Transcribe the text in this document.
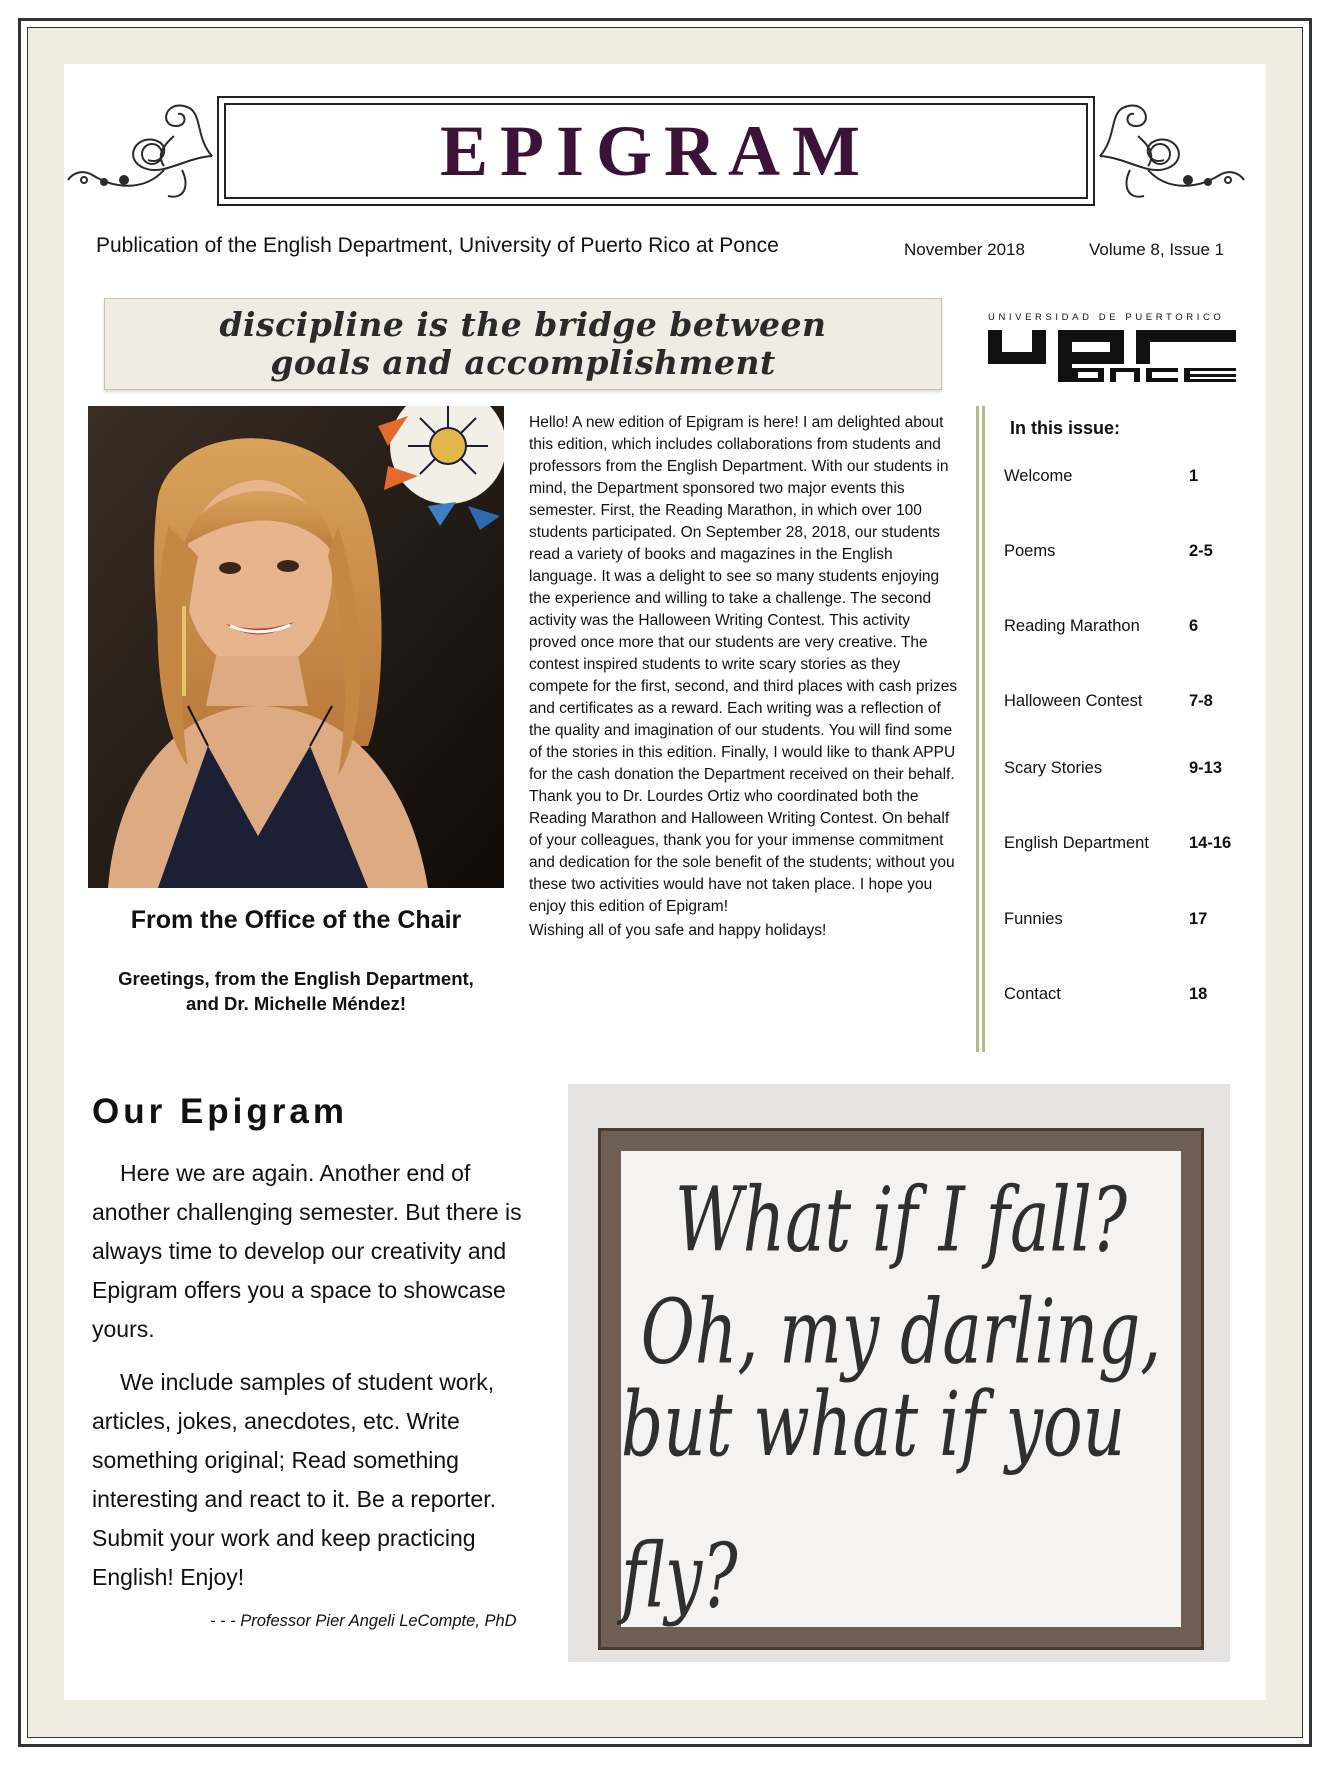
EPIGRAM
Publication of the English Department, University of Puerto Rico at Ponce	November 2018	Volume 8, Issue 1
discipline is the bridge between
goals and accomplishment
UNIVERSIDAD DE PUERTORICO
From the Office of the Chair
Greetings, from the English Department,
and Dr. Michelle Méndez!
Hello! A new edition of Epigram is here! I am delighted about this edition, which includes collaborations from students and professors from the English Department. With our students in mind, the Department sponsored two major events this semester. First, the Reading Marathon, in which over 100 students participated. On September 28, 2018, our students read a variety of books and magazines in the English language. It was a delight to see so many students enjoying the experience and willing to take a challenge. The second activity was the Halloween Writing Contest. This activity proved once more that our students are very creative. The contest inspired students to write scary stories as they compete for the first, second, and third places with cash prizes and certificates as a reward. Each writing was a reflection of the quality and imagination of our students. You will find some of the stories in this edition. Finally, I would like to thank APPU for the cash donation the Department received on their behalf. Thank you to Dr. Lourdes Ortiz who coordinated both the Reading Marathon and Halloween Writing Contest. On behalf of your colleagues, thank you for your immense commitment and dedication for the sole benefit of the students; without you these two activities would have not taken place. I hope you enjoy this edition of Epigram!
Wishing all of you safe and happy holidays!
In this issue:
Welcome	1
Poems	2-5
Reading Marathon	6
Halloween Contest	7-8
Scary Stories	9-13
English Department 14-16
Funnies	17
Contact	18
Our Epigram

Here we are again. Another end of another challenging semester. But there is always time to develop our creativity and Epigram offers you a space to showcase yours.

We include samples of student work, articles, jokes, anecdotes, etc. Write something original; Read something interesting and react to it. Be a reporter. Submit your work and keep practicing English! Enjoy!

- - - Professor Pier Angeli LeCompte, PhD
What if I fall?
Oh, my darling,
but what if you fly?
